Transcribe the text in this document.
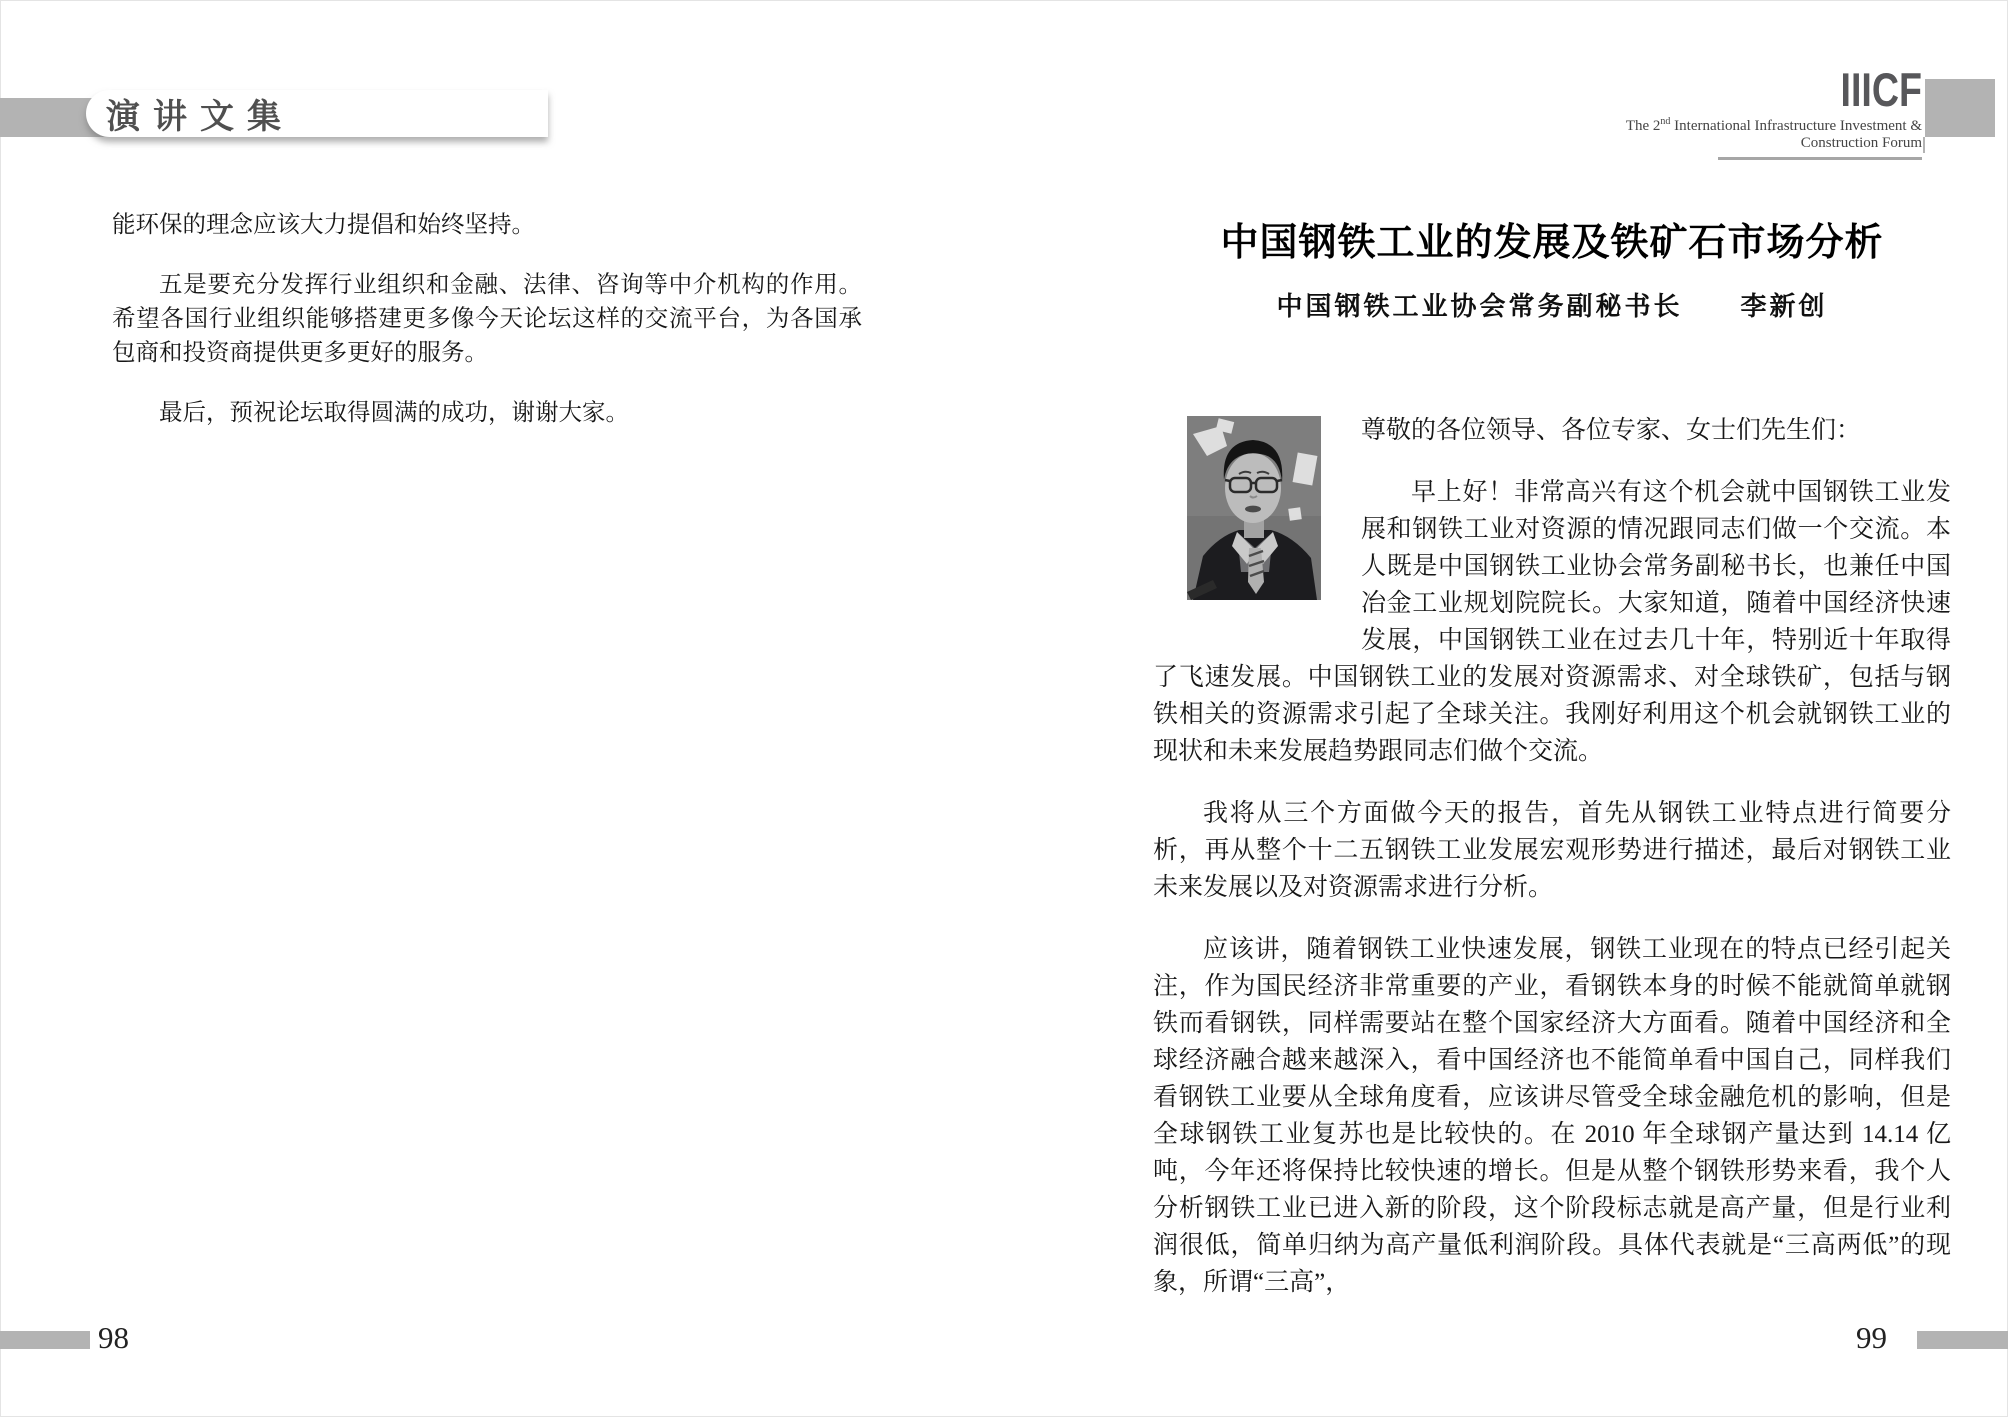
演讲文集
IIICF
The 2nd International Infrastructure Investment &
Construction Forum

能环保的理念应该大力提倡和始终坚持。

五是要充分发挥行业组织和金融、法律、咨询等中介机构的作用。希望各国行业组织能够搭建更多像今天论坛这样的交流平台，为各国承包商和投资商提供更多更好的服务。

最后，预祝论坛取得圆满的成功，谢谢大家。

中国钢铁工业的发展及铁矿石市场分析
中国钢铁工业协会常务副秘书长　　李新创

尊敬的各位领导、各位专家、女士们先生们：

早上好！非常高兴有这个机会就中国钢铁工业发展和钢铁工业对资源的情况跟同志们做一个交流。本人既是中国钢铁工业协会常务副秘书长，也兼任中国冶金工业规划院院长。大家知道，随着中国经济快速发展，中国钢铁工业在过去几十年，特别近十年取得了飞速发展。中国钢铁工业的发展对资源需求、对全球铁矿，包括与钢铁相关的资源需求引起了全球关注。我刚好利用这个机会就钢铁工业的现状和未来发展趋势跟同志们做个交流。

我将从三个方面做今天的报告，首先从钢铁工业特点进行简要分析，再从整个十二五钢铁工业发展宏观形势进行描述，最后对钢铁工业未来发展以及对资源需求进行分析。

应该讲，随着钢铁工业快速发展，钢铁工业现在的特点已经引起关注，作为国民经济非常重要的产业，看钢铁本身的时候不能就简单就钢铁而看钢铁，同样需要站在整个国家经济大方面看。随着中国经济和全球经济融合越来越深入，看中国经济也不能简单看中国自己，同样我们看钢铁工业要从全球角度看，应该讲尽管受全球金融危机的影响，但是全球钢铁工业复苏也是比较快的。在 2010 年全球钢产量达到 14.14 亿吨，今年还将保持比较快速的增长。但是从整个钢铁形势来看，我个人分析钢铁工业已进入新的阶段，这个阶段标志就是高产量，但是行业利润很低，简单归纳为高产量低利润阶段。具体代表就是“三高两低”的现象，所谓“三高”，

98	99
